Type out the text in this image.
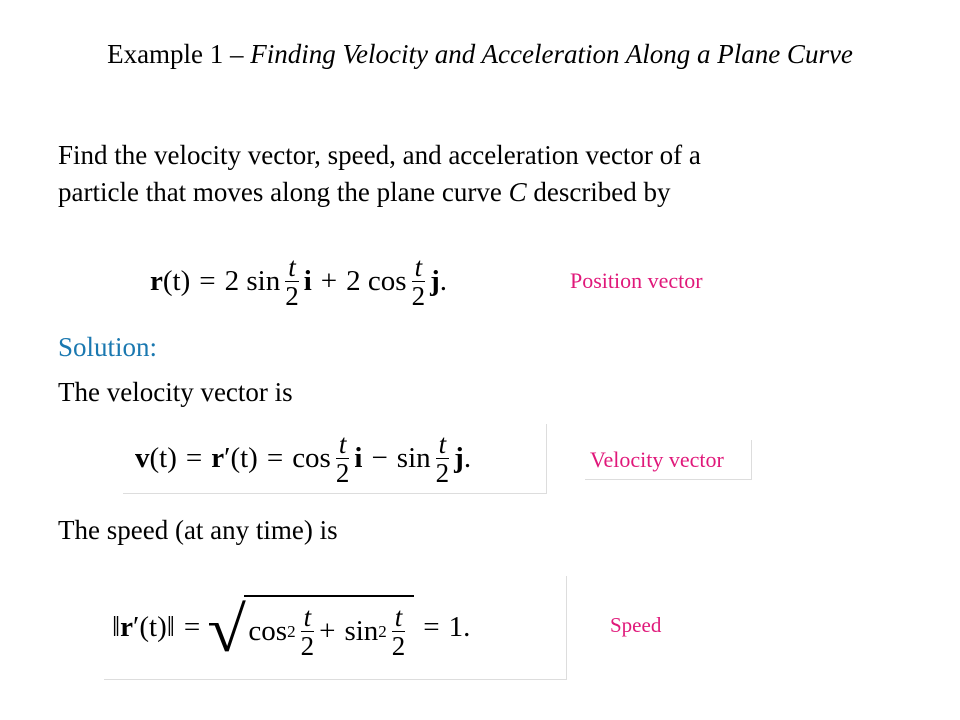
Example 1 – Finding Velocity and Acceleration Along a Plane Curve
Find the velocity vector, speed, and acceleration vector of a
particle that moves along the plane curve C described by
r (t) = 2 $\sin \frac{t}{2}$ i + 2 $\cos \frac{t}{2}$ j .	Position vector
Solution:
The velocity vector is
v (t) = r $'(t) = \cos \frac{t}{2}$ $i - \sin \frac{t}{2}$ j .	Velocity vector
The speed (at any time) is
‖ r ′(t) ‖ = √ $\cos 2 \frac{t}{2} + \sin 2 \frac{t}{2} = 1$.	Speed
